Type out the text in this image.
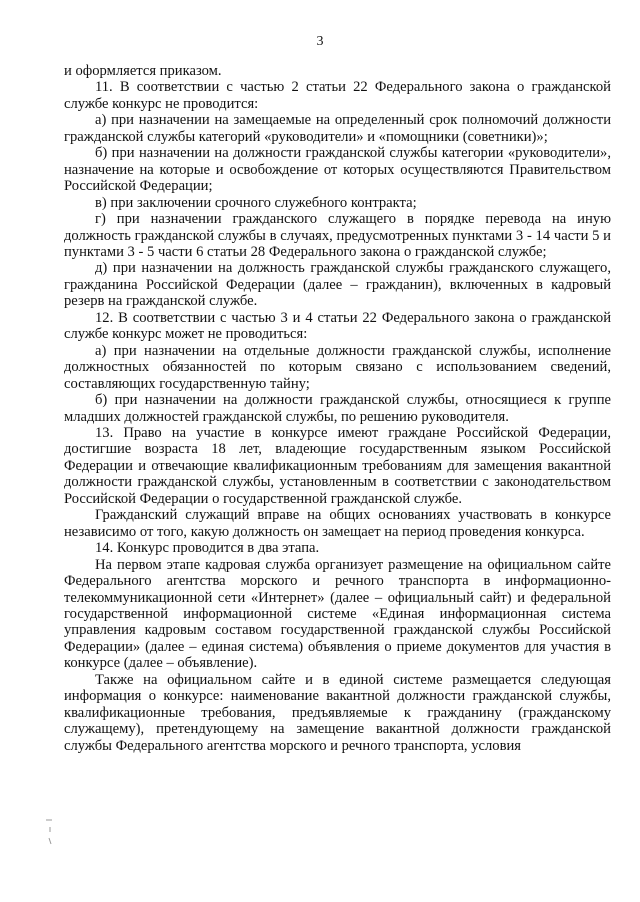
3

и оформляется приказом.

11. В соответствии с частью 2 статьи 22 Федерального закона о гражданской службе конкурс не проводится:

а) при назначении на замещаемые на определенный срок полномочий должности гражданской службы категорий «руководители» и «помощники (советники)»;

б) при назначении на должности гражданской службы категории «руководители», назначение на которые и освобождение от которых осуществляются Правительством Российской Федерации;

в) при заключении срочного служебного контракта;

г) при назначении гражданского служащего в порядке перевода на иную должность гражданской службы в случаях, предусмотренных пунктами 3 - 14 части 5 и пунктами 3 - 5 части 6 статьи 28 Федерального закона о гражданской службе;

д) при назначении на должность гражданской службы гражданского служащего, гражданина Российской Федерации (далее – гражданин), включенных в кадровый резерв на гражданской службе.

12. В соответствии с частью 3 и 4 статьи 22 Федерального закона о гражданской службе конкурс может не проводиться:

а) при назначении на отдельные должности гражданской службы, исполнение должностных обязанностей по которым связано с использованием сведений, составляющих государственную тайну;

б) при назначении на должности гражданской службы, относящиеся к группе младших должностей гражданской службы, по решению руководителя.

13. Право на участие в конкурсе имеют граждане Российской Федерации, достигшие возраста 18 лет, владеющие государственным языком Российской Федерации и отвечающие квалификационным требованиям для замещения вакантной должности гражданской службы, установленным в соответствии с законодательством Российской Федерации о государственной гражданской службе.

Гражданский служащий вправе на общих основаниях участвовать в конкурсе независимо от того, какую должность он замещает на период проведения конкурса.

14. Конкурс проводится в два этапа.

На первом этапе кадровая служба организует размещение на официальном сайте Федерального агентства морского и речного транспорта в информационно-телекоммуникационной сети «Интернет» (далее – официальный сайт) и федеральной государственной информационной системе «Единая информационная система управления кадровым составом государственной гражданской службы Российской Федерации» (далее – единая система) объявления о приеме документов для участия в конкурсе (далее – объявление).

Также на официальном сайте и в единой системе размещается следующая информация о конкурсе: наименование вакантной должности гражданской службы, квалификационные требования, предъявляемые к гражданину (гражданскому служащему), претендующему на замещение вакантной должности гражданской службы Федерального агентства морского и речного транспорта, условия
